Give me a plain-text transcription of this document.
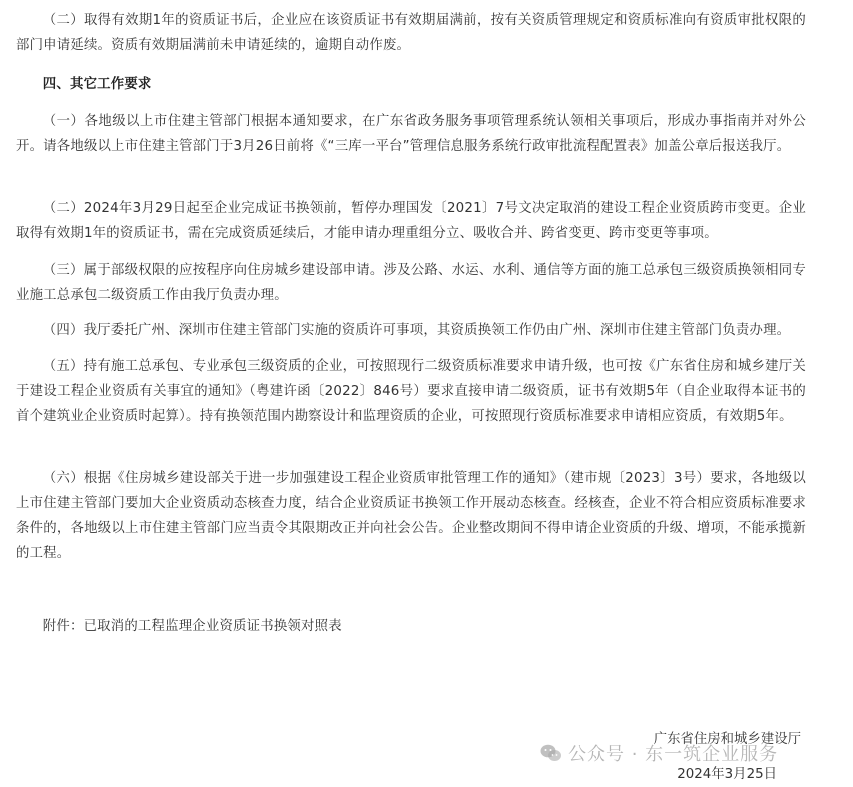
（二）取得有效期1年的资质证书后，企业应在该资质证书有效期届满前，按有关资质管理规定和资质标准向有资质审批权限的部门申请延续。资质有效期届满前未申请延续的，逾期自动作废。

四、其它工作要求

（一）各地级以上市住建主管部门根据本通知要求，在广东省政务服务事项管理系统认领相关事项后，形成办事指南并对外公开。请各地级以上市住建主管部门于3月26日前将《“三库一平台”管理信息服务系统行政审批流程配置表》加盖公章后报送我厅。

（二）2024年3月29日起至企业完成证书换领前，暂停办理国发〔2021〕7号文决定取消的建设工程企业资质跨市变更。企业取得有效期1年的资质证书，需在完成资质延续后，才能申请办理重组分立、吸收合并、跨省变更、跨市变更等事项。

（三）属于部级权限的应按程序向住房城乡建设部申请。涉及公路、水运、水利、通信等方面的施工总承包三级资质换领相同专业施工总承包二级资质工作由我厅负责办理。

（四）我厅委托广州、深圳市住建主管部门实施的资质许可事项，其资质换领工作仍由广州、深圳市住建主管部门负责办理。

（五）持有施工总承包、专业承包三级资质的企业，可按照现行二级资质标准要求申请升级，也可按《广东省住房和城乡建厅关于建设工程企业资质有关事宜的通知》（粤建许函〔2022〕846号）要求直接申请二级资质，证书有效期5年（自企业取得本证书的首个建筑业企业资质时起算）。持有换领范围内勘察设计和监理资质的企业，可按照现行资质标准要求申请相应资质，有效期5年。

（六）根据《住房城乡建设部关于进一步加强建设工程企业资质审批管理工作的通知》（建市规〔2023〕3号）要求，各地级以上市住建主管部门要加大企业资质动态核查力度，结合企业资质证书换领工作开展动态核查。经核查，企业不符合相应资质标准要求条件的，各地级以上市住建主管部门应当责令其限期改正并向社会公告。企业整改期间不得申请企业资质的升级、增项，不能承揽新的工程。

附件：已取消的工程监理企业资质证书换领对照表

广东省住房和城乡建设厅
公众号 · 东一筑企业服务
2024年3月25日
